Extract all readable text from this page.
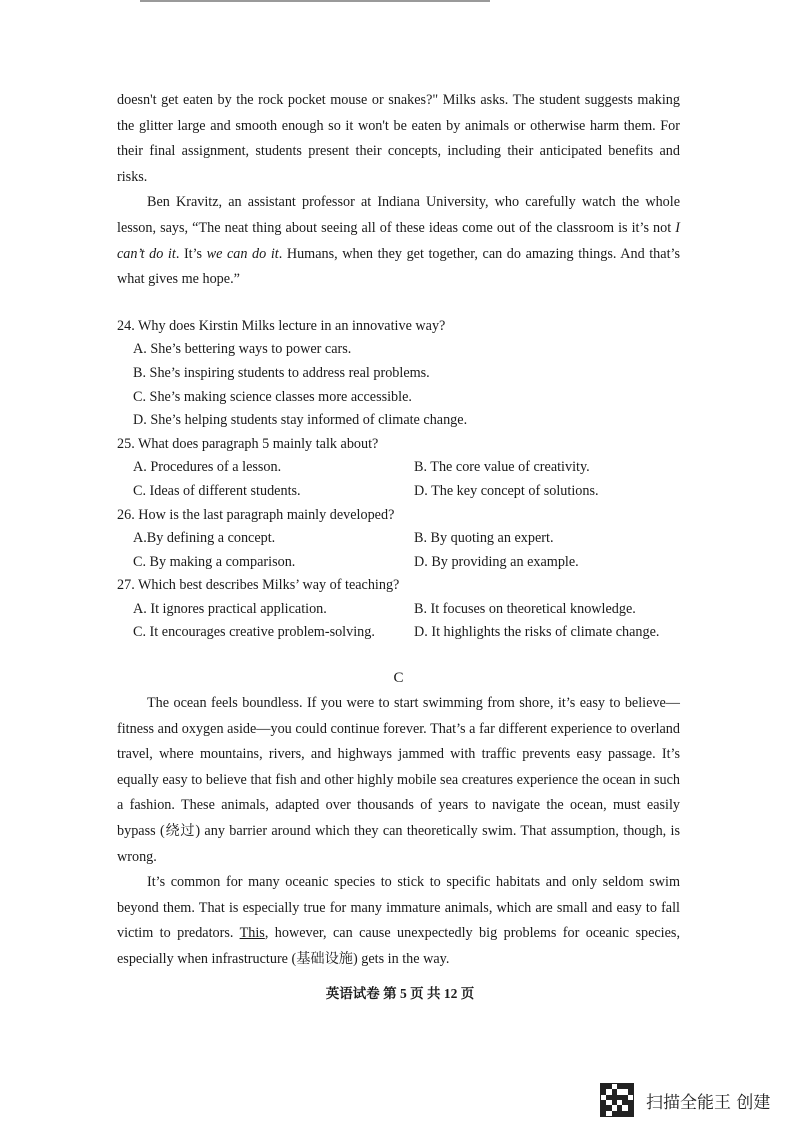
doesn't get eaten by the rock pocket mouse or snakes?" Milks asks. The student suggests making the glitter large and smooth enough so it won't be eaten by animals or otherwise harm them. For their final assignment, students present their concepts, including their anticipated benefits and risks.

Ben Kravitz, an assistant professor at Indiana University, who carefully watch the whole lesson, says, “The neat thing about seeing all of these ideas come out of the classroom is it’s not I can’t do it. It’s we can do it. Humans, when they get together, can do amazing things. And that’s what gives me hope.”

24. Why does Kirstin Milks lecture in an innovative way?

A. She’s bettering ways to power cars.

B. She’s inspiring students to address real problems.

C. She’s making science classes more accessible.

D. She’s helping students stay informed of climate change.

25. What does paragraph 5 mainly talk about?

A. Procedures of a lesson.	B. The core value of creativity.
C. Ideas of different students.	D. The key concept of solutions.

26. How is the last paragraph mainly developed?

A.By defining a concept.	B. By quoting an expert.
C. By making a comparison.	D. By providing an example.

27. Which best describes Milks’ way of teaching?

A. It ignores practical application.	B. It focuses on theoretical knowledge.
C. It encourages creative problem-solving.	D. It highlights the risks of climate change.
C

The ocean feels boundless. If you were to start swimming from shore, it’s easy to believe—fitness and oxygen aside—you could continue forever. That’s a far different experience to overland travel, where mountains, rivers, and highways jammed with traffic prevents easy passage. It’s equally easy to believe that fish and other highly mobile sea creatures experience the ocean in such a fashion. These animals, adapted over thousands of years to navigate the ocean, must easily bypass (绕过) any barrier around which they can theoretically swim. That assumption, though, is wrong.

It’s common for many oceanic species to stick to specific habitats and only seldom swim beyond them. That is especially true for many immature animals, which are small and easy to fall victim to predators. This, however, can cause unexpectedly big problems for oceanic species, especially when infrastructure (基础设施) gets in the way.

英语试卷 第 5 页 共 12 页
扫描全能王 创建
